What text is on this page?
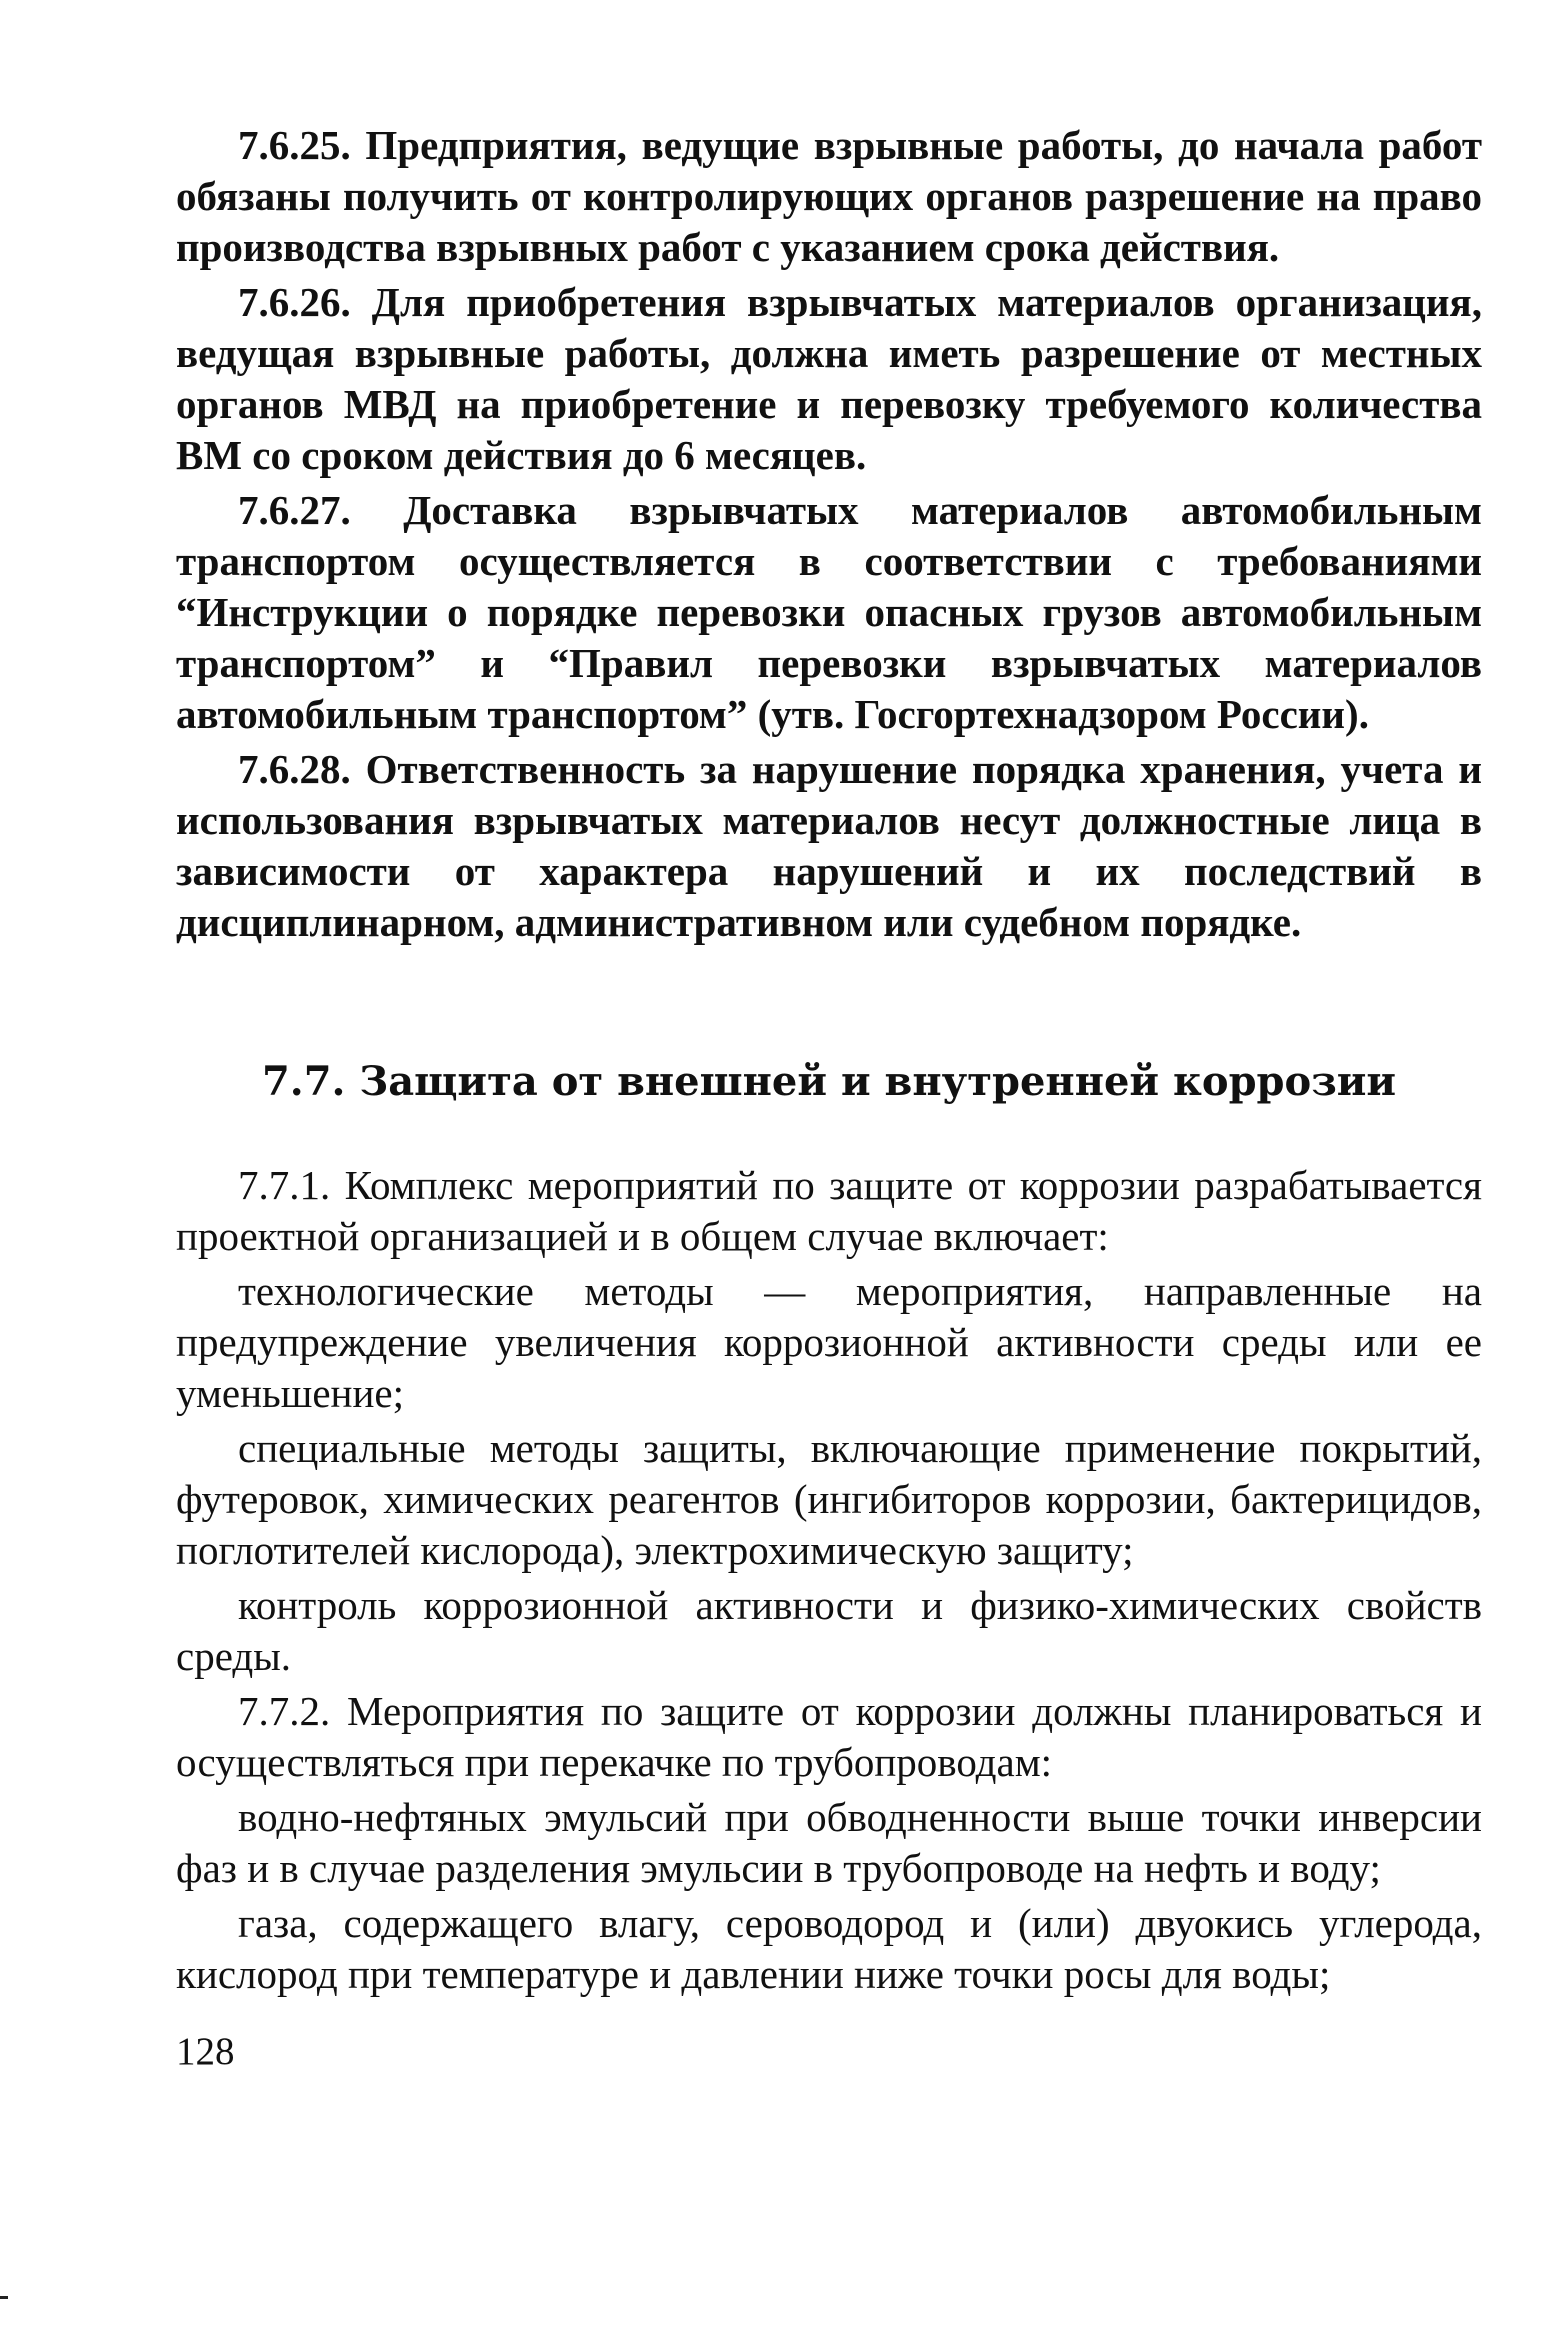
7.6.25. Предприятия, ведущие взрывные работы, до начала работ обязаны получить от контролирующих органов разрешение на право производства взрывных работ с указанием срока действия.

7.6.26. Для приобретения взрывчатых материалов организация, ведущая взрывные работы, должна иметь разрешение от местных органов МВД на приобретение и перевозку требуемого количества ВМ со сроком действия до 6 месяцев.

7.6.27. Доставка взрывчатых материалов автомобильным транспортом осуществляется в соответствии с требованиями “Инструкции о порядке перевозки опасных грузов автомобильным транспортом” и “Правил перевозки взрывчатых материалов автомобильным транспортом” (утв. Госгортехнадзором России).

7.6.28. Ответственность за нарушение порядка хранения, учета и использования взрывчатых материалов несут должностные лица в зависимости от характера нарушений и их последствий в дисциплинарном, административном или судебном порядке.

7.7. Защита от внешней и внутренней коррозии

7.7.1. Комплекс мероприятий по защите от коррозии разрабатывается проектной организацией и в общем случае включает:

технологические методы — мероприятия, направленные на предупреждение увеличения коррозионной активности среды или ее уменьшение;

специальные методы защиты, включающие применение покрытий, футеровок, химических реагентов (ингибиторов коррозии, бактерицидов, поглотителей кислорода), электрохимическую защиту;

контроль коррозионной активности и физико-химических свойств среды.

7.7.2. Мероприятия по защите от коррозии должны планироваться и осуществляться при перекачке по трубопроводам:

водно-нефтяных эмульсий при обводненности выше точки инверсии фаз и в случае разделения эмульсии в трубопроводе на нефть и воду;

газа, содержащего влагу, сероводород и (или) двуокись углерода, кислород при температуре и давлении ниже точки росы для воды;

128
